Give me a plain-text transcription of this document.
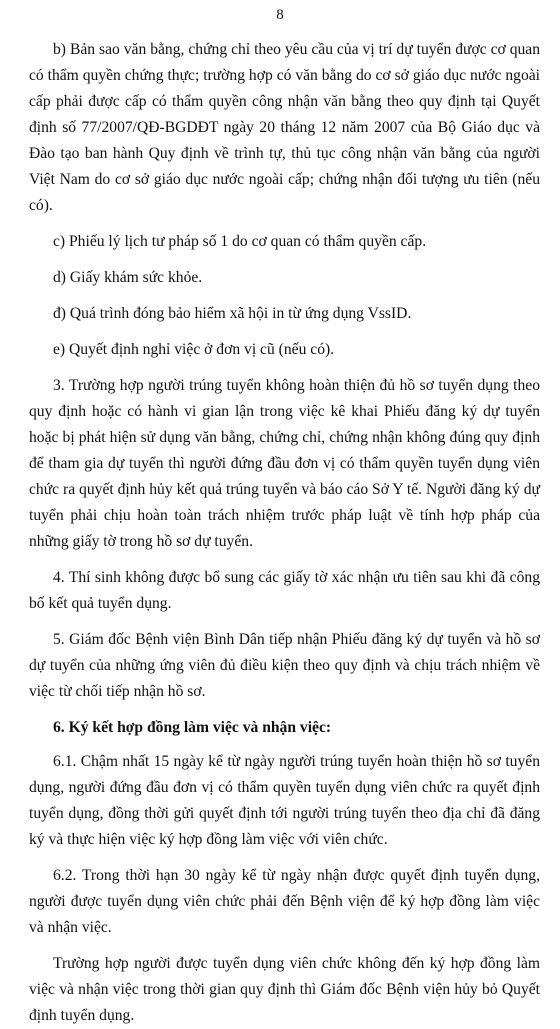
8

b) Bản sao văn bằng, chứng chỉ theo yêu cầu của vị trí dự tuyển được cơ quan có thẩm quyền chứng thực; trường hợp có văn bằng do cơ sở giáo dục nước ngoài cấp phải được cấp có thẩm quyền công nhận văn bằng theo quy định tại Quyết định số 77/2007/QĐ-BGDĐT ngày 20 tháng 12 năm 2007 của Bộ Giáo dục và Đào tạo ban hành Quy định về trình tự, thủ tục công nhận văn bằng của người Việt Nam do cơ sở giáo dục nước ngoài cấp; chứng nhận đối tượng ưu tiên (nếu có).

c) Phiếu lý lịch tư pháp số 1 do cơ quan có thẩm quyền cấp.

d) Giấy khám sức khỏe.

đ) Quá trình đóng bảo hiểm xã hội in từ ứng dụng VssID.

e) Quyết định nghỉ việc ở đơn vị cũ (nếu có).

3. Trường hợp người trúng tuyển không hoàn thiện đủ hồ sơ tuyển dụng theo quy định hoặc có hành vi gian lận trong việc kê khai Phiếu đăng ký dự tuyển hoặc bị phát hiện sử dụng văn bằng, chứng chỉ, chứng nhận không đúng quy định để tham gia dự tuyển thì người đứng đầu đơn vị có thẩm quyền tuyển dụng viên chức ra quyết định hủy kết quả trúng tuyển và báo cáo Sở Y tế. Người đăng ký dự tuyển phải chịu hoàn toàn trách nhiệm trước pháp luật về tính hợp pháp của những giấy tờ trong hồ sơ dự tuyển.

4. Thí sinh không được bổ sung các giấy tờ xác nhận ưu tiên sau khi đã công bố kết quả tuyển dụng.

5. Giám đốc Bệnh viện Bình Dân tiếp nhận Phiếu đăng ký dự tuyển và hồ sơ dự tuyển của những ứng viên đủ điều kiện theo quy định và chịu trách nhiệm về việc từ chối tiếp nhận hồ sơ.

6. Ký kết hợp đồng làm việc và nhận việc:

6.1. Chậm nhất 15 ngày kể từ ngày người trúng tuyển hoàn thiện hồ sơ tuyển dụng, người đứng đầu đơn vị có thẩm quyền tuyển dụng viên chức ra quyết định tuyển dụng, đồng thời gửi quyết định tới người trúng tuyển theo địa chỉ đã đăng ký và thực hiện việc ký hợp đồng làm việc với viên chức.

6.2. Trong thời hạn 30 ngày kể từ ngày nhận được quyết định tuyển dụng, người được tuyển dụng viên chức phải đến Bệnh viện để ký hợp đồng làm việc và nhận việc.

Trường hợp người được tuyển dụng viên chức không đến ký hợp đồng làm việc và nhận việc trong thời gian quy định thì Giám đốc Bệnh viện hủy bỏ Quyết định tuyển dụng.
